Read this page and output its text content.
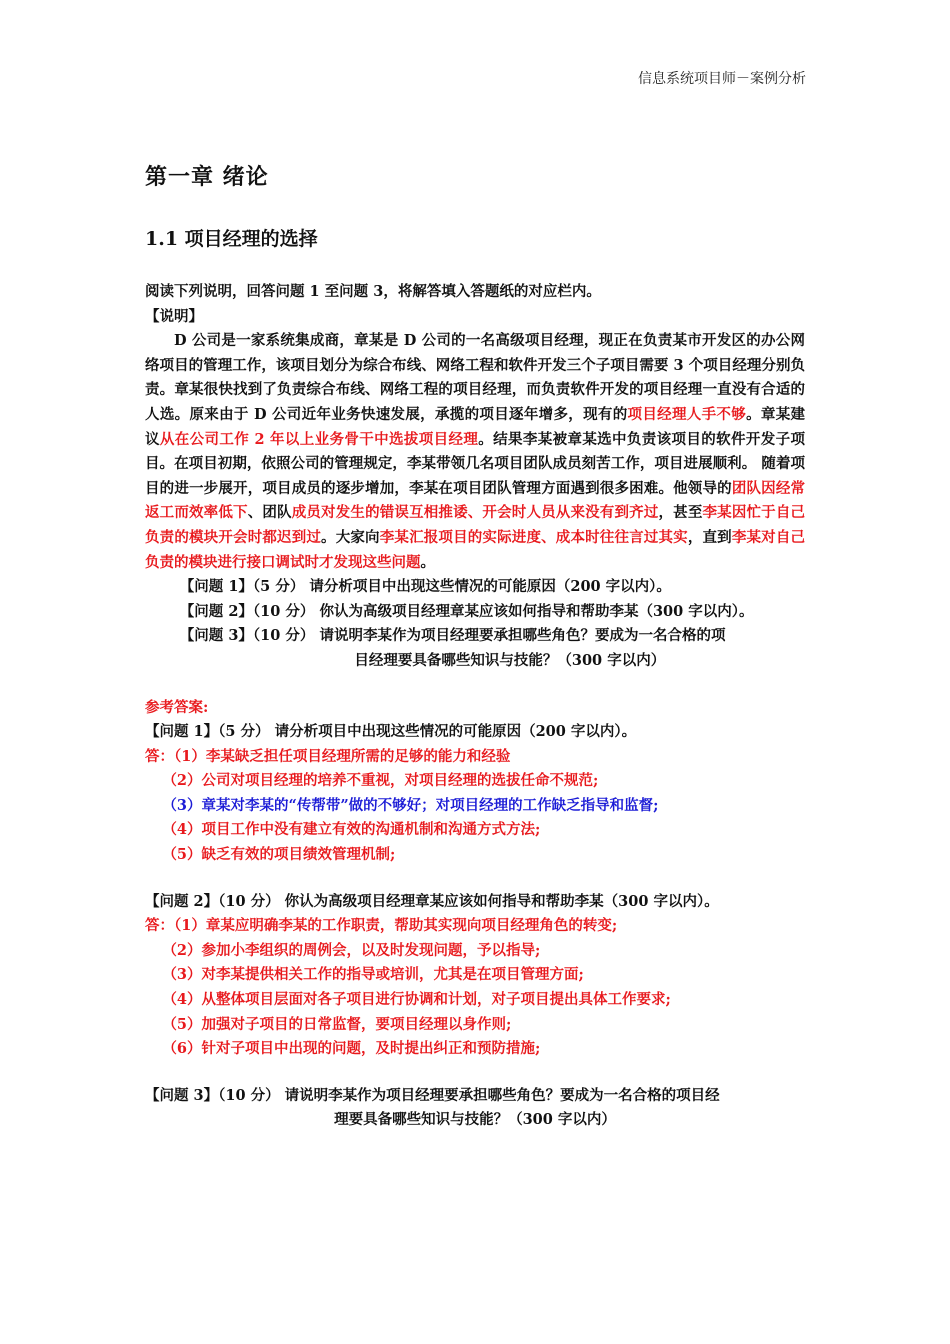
信息系统项目师－案例分析
第一章 绪论
1.1 项目经理的选择

阅读下列说明，回答问题 1 至问题 3，将解答填入答题纸的对应栏内。

【说明】

D 公司是一家系统集成商，章某是 D 公司的一名高级项目经理，现正在负责某市开发区的办公网络项目的管理工作，该项目划分为综合布线、网络工程和软件开发三个子项目需要 3 个项目经理分别负责。章某很快找到了负责综合布线、网络工程的项目经理，而负责软件开发的项目经理一直没有合适的人选。原来由于 D 公司近年业务快速发展，承揽的项目逐年增多，现有的项目经理人手不够。章某建议从在公司工作 2 年以上业务骨干中选拔项目经理。结果李某被章某选中负责该项目的软件开发子项目。在项目初期，依照公司的管理规定，李某带领几名项目团队成员刻苦工作，项目进展顺利。 随着项目的进一步展开，项目成员的逐步增加，李某在项目团队管理方面遇到很多困难。他领导的团队因经常返工而效率低下、团队成员对发生的错误互相推诿、开会时人员从来没有到齐过，甚至李某因忙于自己负责的模块开会时都迟到过。大家向李某汇报项目的实际进度、成本时往往言过其实，直到李某对自己负责的模块进行接口调试时才发现这些问题。

【问题 1】（5 分） 请分析项目中出现这些情况的可能原因（200 字以内）。

【问题 2】（10 分） 你认为高级项目经理章某应该如何指导和帮助李某（300 字以内）。

【问题 3】（10 分） 请说明李某作为项目经理要承担哪些角色？要成为一名合格的项
目经理要具备哪些知识与技能？（300 字以内）

参考答案:

【问题 1】（5 分） 请分析项目中出现这些情况的可能原因（200 字以内）。

答：（1）李某缺乏担任项目经理所需的足够的能力和经验

（2）公司对项目经理的培养不重视，对项目经理的选拔任命不规范;

（3）章某对李某的“传帮带”做的不够好；对项目经理的工作缺乏指导和监督;

（4）项目工作中没有建立有效的沟通机制和沟通方式方法;

（5）缺乏有效的项目绩效管理机制;

【问题 2】（10 分） 你认为高级项目经理章某应该如何指导和帮助李某（300 字以内）。

答：（1）章某应明确李某的工作职责，帮助其实现向项目经理角色的转变;

（2）参加小李组织的周例会，以及时发现问题，予以指导;

（3）对李某提供相关工作的指导或培训，尤其是在项目管理方面;

（4）从整体项目层面对各子项目进行协调和计划，对子项目提出具体工作要求;

（5）加强对子项目的日常监督，要项目经理以身作则;

（6）针对子项目中出现的问题，及时提出纠正和预防措施;

【问题 3】（10 分） 请说明李某作为项目经理要承担哪些角色？要成为一名合格的项目经
理要具备哪些知识与技能？（300 字以内）
